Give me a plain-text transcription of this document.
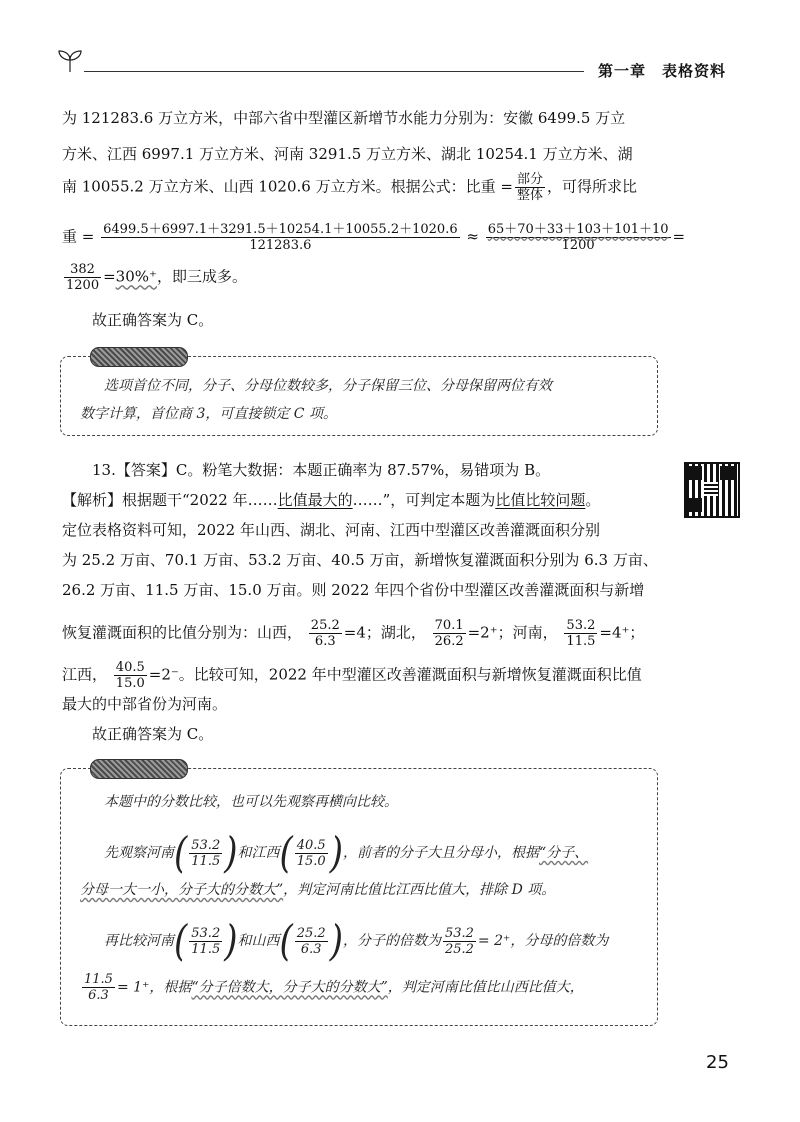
第一章　表格资料
为 121283.6 万立方米，中部六省中型灌区新增节水能力分别为：安徽 6499.5 万立
方米、江西 6997.1 万立方米、河南 3291.5 万立方米、湖北 10254.1 万立方米、湖
南 10055.2 万立方米、山西 1020.6 万立方米。根据公式：比重 = $\frac{\text{部分}}{\text{整体}}$ ，可得所求比
重 = $\frac{6499.5+6997.1+3291.5+10254.1+10055.2+1020.6}{121283.6} \approx \frac{65+70+33+103+101+10}{1200}$ =
$\frac{382}{1200} =30\%^+$，即三成多。
故正确答案为 C。
选项首位不同，分子、分母位数较多，分子保留三位、分母保留两位有效
数字计算，首位商 3，可直接锁定 C 项。
13.【答案】C。粉笔大数据：本题正确率为 87.57%，易错项为 B。
【解析】根据题干“2022 年……比值最大的……”，可判定本题为比值比较问题。
定位表格资料可知，2022 年山西、湖北、河南、江西中型灌区改善灌溉面积分别
为 25.2 万亩、70.1 万亩、53.2 万亩、40.5 万亩，新增恢复灌溉面积分别为 6.3 万亩、
26.2 万亩、11.5 万亩、15.0 万亩。则 2022 年四个省份中型灌区改善灌溉面积与新增
恢复灌溉面积的比值分别为：山西， $\frac{25.2}{6.3} =4$；湖北， $\frac{70.1}{26.2} =2^+$；河南， $\frac{53.2}{11.5} =4^+$；
江西， $\frac{40.5}{15.0} =2^-$。比较可知，2022 年中型灌区改善灌溉面积与新增恢复灌溉面积比值
最大的中部省份为河南。
故正确答案为 C。
本题中的分数比较，也可以先观察再横向比较。
先观察河南( $\frac{53.2}{11.5}$ )和江西( $\frac{40.5}{15.0}$ )，前者的分子大且分母小，根据“分子、
分母一大一小，分子大的分数大”，判定河南比值比江西比值大，排除 D 项。
再比较河南( $\frac{53.2}{11.5}$ )和山西( $\frac{25.2}{6.3}$ )，分子的倍数为 $\frac{53.2}{25.2} = 2^+$，分母的倍数为
$\frac{11.5}{6.3} = 1^+$，根据“分子倍数大，分子大的分数大”，判定河南比值比山西比值大，
25
